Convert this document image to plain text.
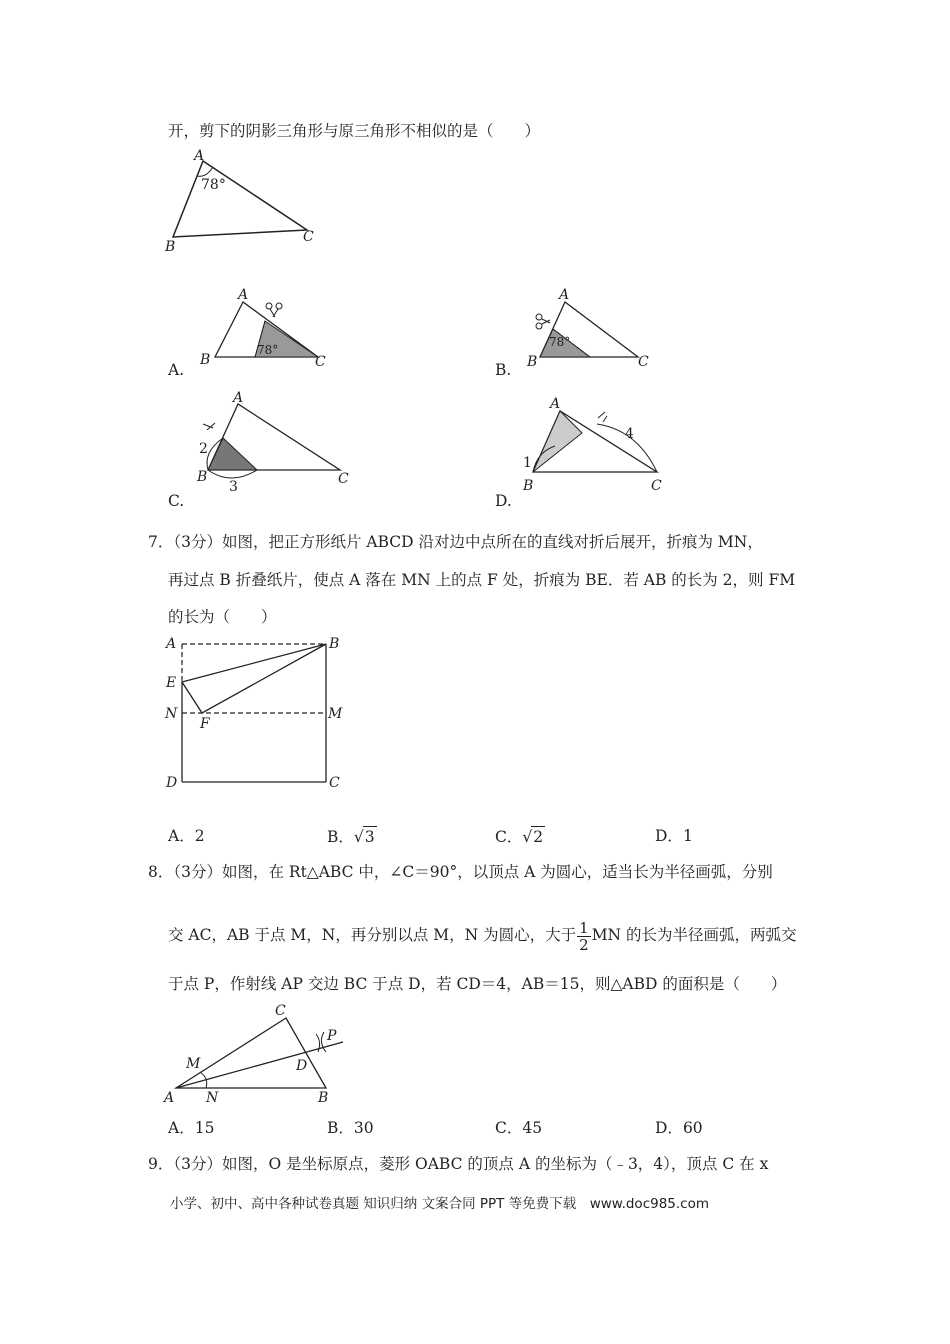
开，剪下的阴影三角形与原三角形不相似的是（　　）
A
B
C
78°
A.
A
B	C
78°
B.
A
B	C
78°
C.
A
B	C
2
3
D.
A
B	C
1
4
7．（3分）如图，把正方形纸片 ABCD 沿对边中点所在的直线对折后展开，折痕为 MN，
再过点 B 折叠纸片，使点 A 落在 MN 上的点 F 处，折痕为 BE．若 AB 的长为 2，则 FM
的长为（　　）
A	B
E
N
F
M
D	C
A．2	B．√3	C．√2	D．1
8．（3分）如图，在 Rt△ABC 中，∠C＝90°，以顶点 A 为圆心，适当长为半径画弧，分别
交 AC，AB 于点 M，N，再分别以点 M，N 为圆心，大于 $\frac{1}{2}$ MN 的长为半径画弧，两弧交
于点 P，作射线 AP 交边 BC 于点 D，若 CD＝4，AB＝15，则△ABD 的面积是（　　）
C
P
M	D
A N	B
A．15	B．30	C．45	D．60
9．（3分）如图，O 是坐标原点，菱形 OABC 的顶点 A 的坐标为（﹣3，4），顶点 C 在 x
小学、初中、高中各种试卷真题 知识归纳 文案合同 PPT 等免费下载　www.doc985.com
